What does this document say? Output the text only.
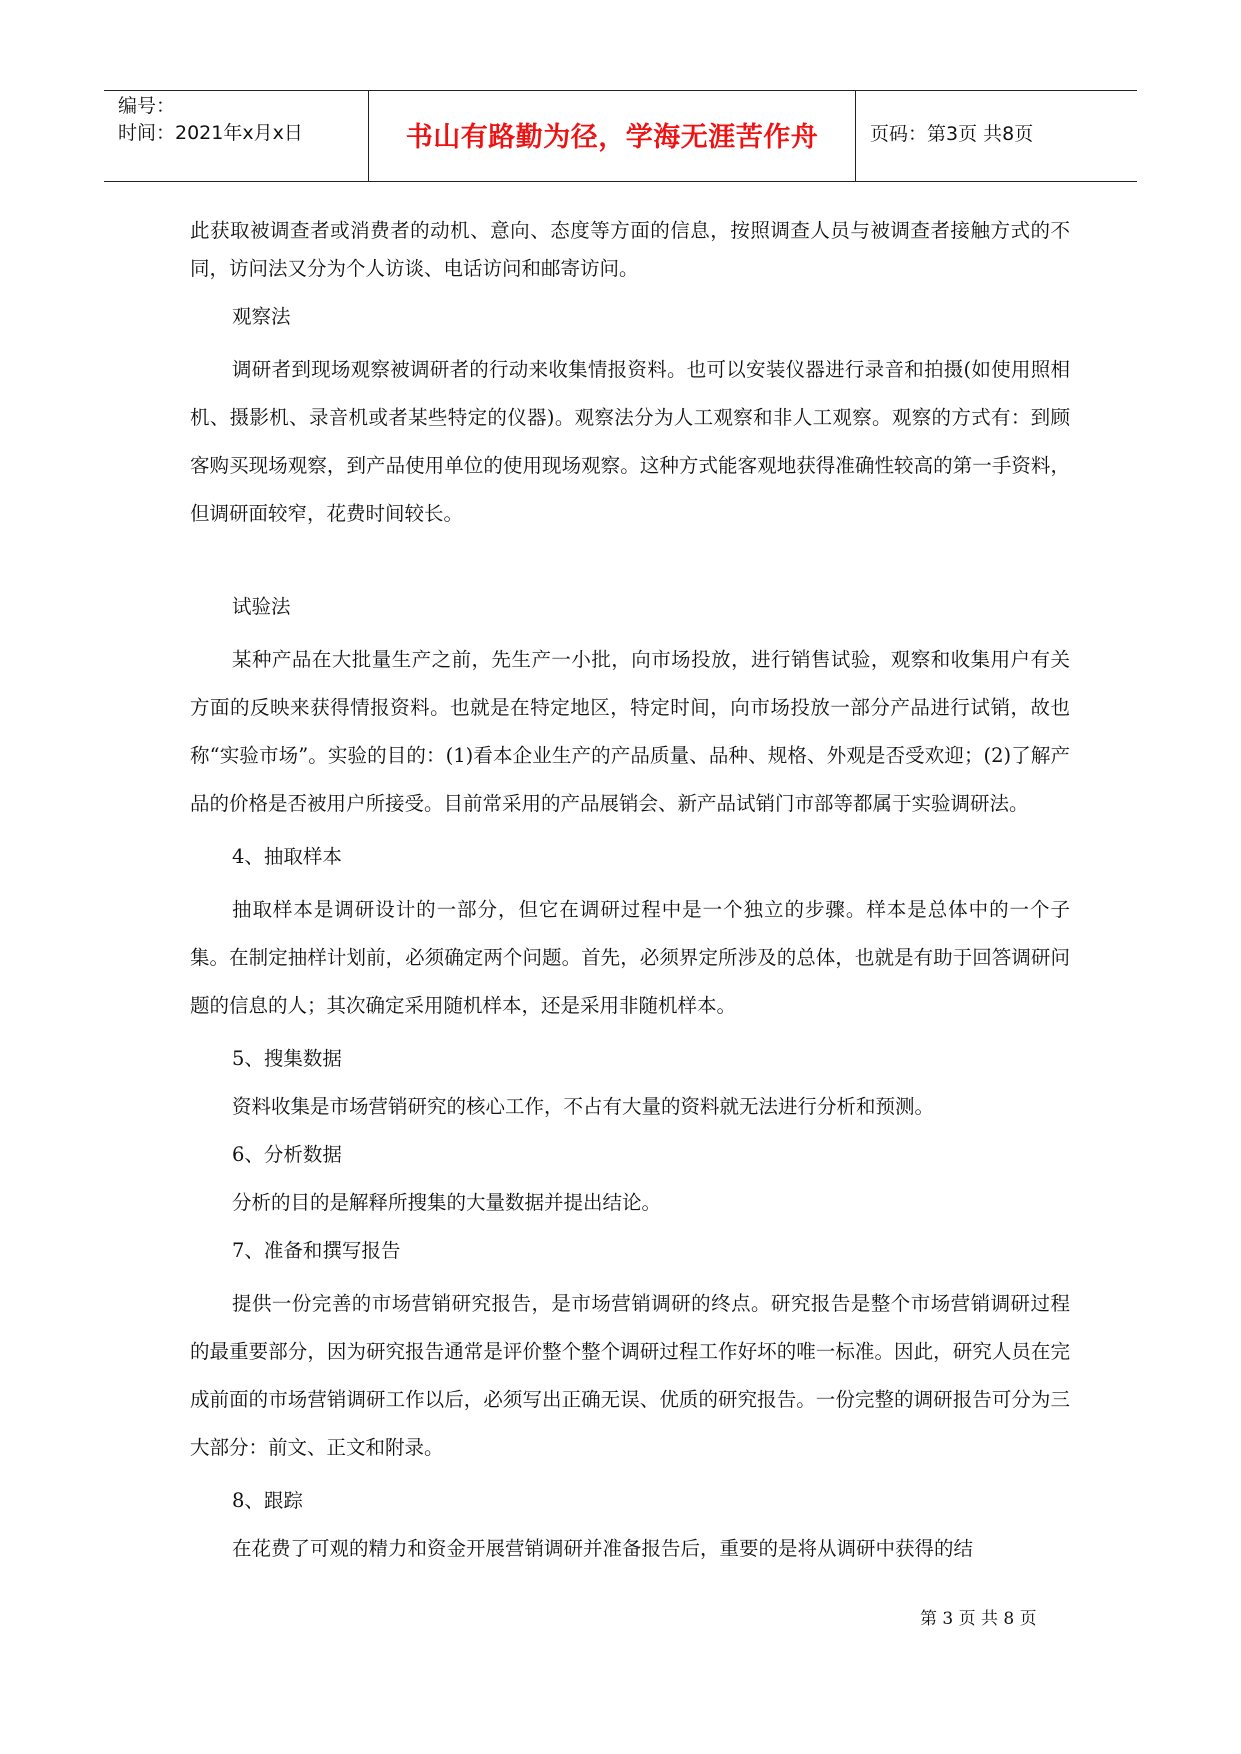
编号：
时间：2021年x月x日	书山有路勤为径，学海无涯苦作舟	页码：第3页 共8页

此获取被调查者或消费者的动机、意向、态度等方面的信息，按照调查人员与被调查者接触方式的不同，访问法又分为个人访谈、电话访问和邮寄访问。

观察法

调研者到现场观察被调研者的行动来收集情报资料。也可以安装仪器进行录音和拍摄(如使用照相机、摄影机、录音机或者某些特定的仪器)。观察法分为人工观察和非人工观察。观察的方式有：到顾客购买现场观察，到产品使用单位的使用现场观察。这种方式能客观地获得准确性较高的第一手资料，但调研面较窄，花费时间较长。

试验法

某种产品在大批量生产之前，先生产一小批，向市场投放，进行销售试验，观察和收集用户有关方面的反映来获得情报资料。也就是在特定地区，特定时间，向市场投放一部分产品进行试销，故也称“实验市场”。实验的目的：(1)看本企业生产的产品质量、品种、规格、外观是否受欢迎；(2)了解产品的价格是否被用户所接受。目前常采用的产品展销会、新产品试销门市部等都属于实验调研法。

4、抽取样本

抽取样本是调研设计的一部分，但它在调研过程中是一个独立的步骤。样本是总体中的一个子集。在制定抽样计划前，必须确定两个问题。首先，必须界定所涉及的总体，也就是有助于回答调研问题的信息的人；其次确定采用随机样本，还是采用非随机样本。

5、搜集数据

资料收集是市场营销研究的核心工作，不占有大量的资料就无法进行分析和预测。

6、分析数据

分析的目的是解释所搜集的大量数据并提出结论。

7、准备和撰写报告

提供一份完善的市场营销研究报告，是市场营销调研的终点。研究报告是整个市场营销调研过程的最重要部分，因为研究报告通常是评价整个整个调研过程工作好坏的唯一标准。因此，研究人员在完成前面的市场营销调研工作以后，必须写出正确无误、优质的研究报告。一份完整的调研报告可分为三大部分：前文、正文和附录。

8、跟踪

在花费了可观的精力和资金开展营销调研并准备报告后，重要的是将从调研中获得的结

第 3 页 共 8 页
